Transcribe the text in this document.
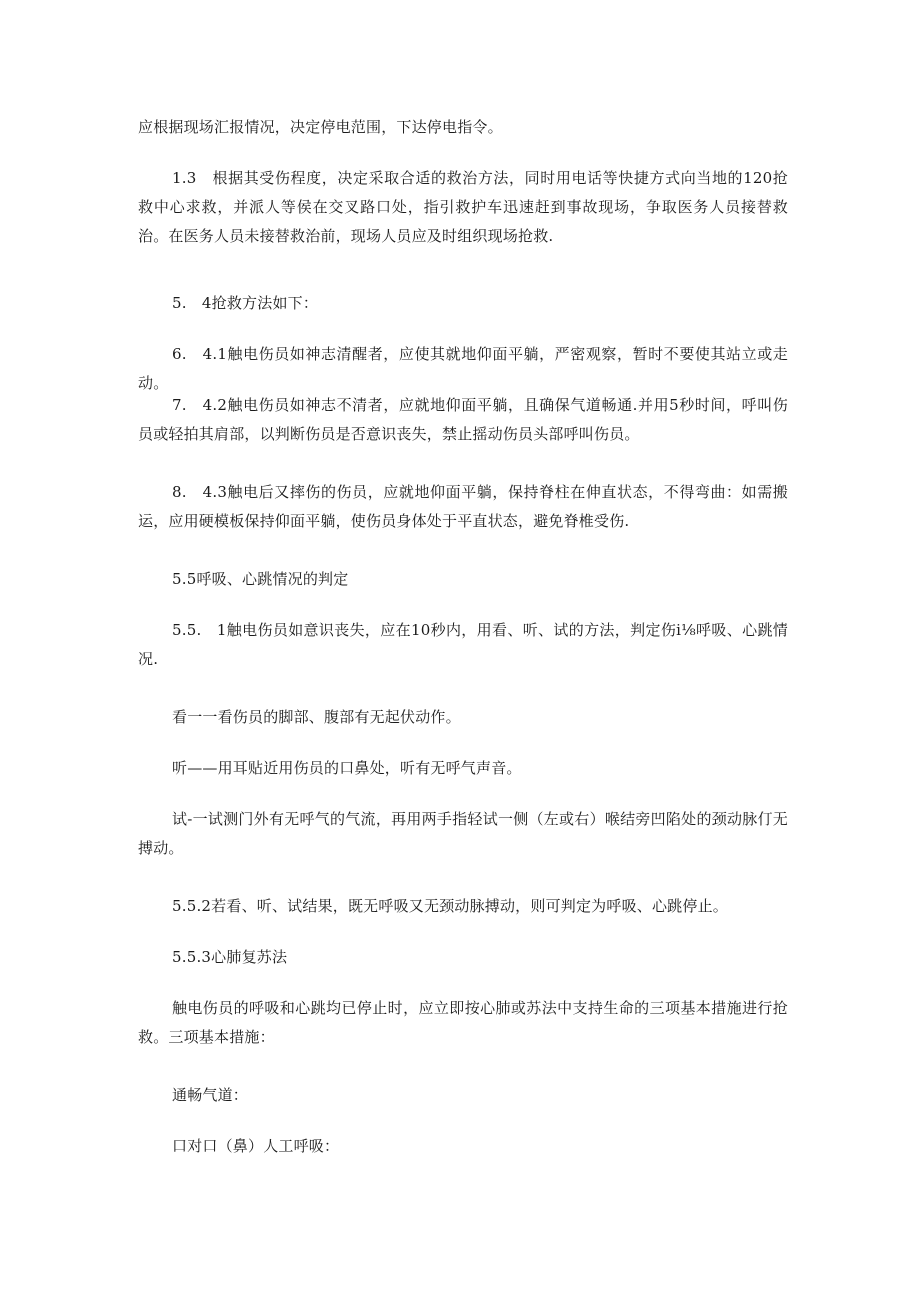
应根据现场汇报情况，决定停电范围，下达停电指令。

1.3　根据其受伤程度，决定采取合适的救治方法，同时用电话等快捷方式向当地的120抢救中心求救，并派人等侯在交叉路口处，指引救护车迅速赶到事故现场，争取医务人员接替救治。在医务人员未接替救治前，现场人员应及时组织现场抢救.

5.　4抢救方法如下：

6.　4.1触电伤员如神志清醒者，应使其就地仰面平躺，严密观察，暂时不要使其站立或走动。

7.　4.2触电伤员如神志不清者，应就地仰面平躺，且确保气道畅通.并用5秒时间，呼叫伤员或轻拍其肩部，以判断伤员是否意识丧失，禁止摇动伤员头部呼叫伤员。

8.　4.3触电后又摔伤的伤员，应就地仰面平躺，保持脊柱在伸直状态，不得弯曲：如需搬运，应用硬模板保持仰面平躺，使伤员身体处于平直状态，避免脊椎受伤.

5.5呼吸、心跳情况的判定

5.5.　1触电伤员如意识丧失，应在10秒内，用看、听、试的方法，判定伤i⅛呼吸、心跳情况.

看一一看伤员的脚部、腹部有无起伏动作。

听——用耳贴近用伤员的口鼻处，听有无呼气声音。

试-一试测门外有无呼气的气流，再用两手指轻试一侧（左或右）喉结旁凹陷处的颈动脉仃无搏动。

5.5.2若看、听、试结果，既无呼吸又无颈动脉搏动，则可判定为呼吸、心跳停止。

5.5.3心肺复苏法

触电伤员的呼吸和心跳均已停止时，应立即按心肺或苏法中支持生命的三项基本措施进行抢救。三项基本措施：

通畅气道：

口对口（鼻）人工呼吸：
